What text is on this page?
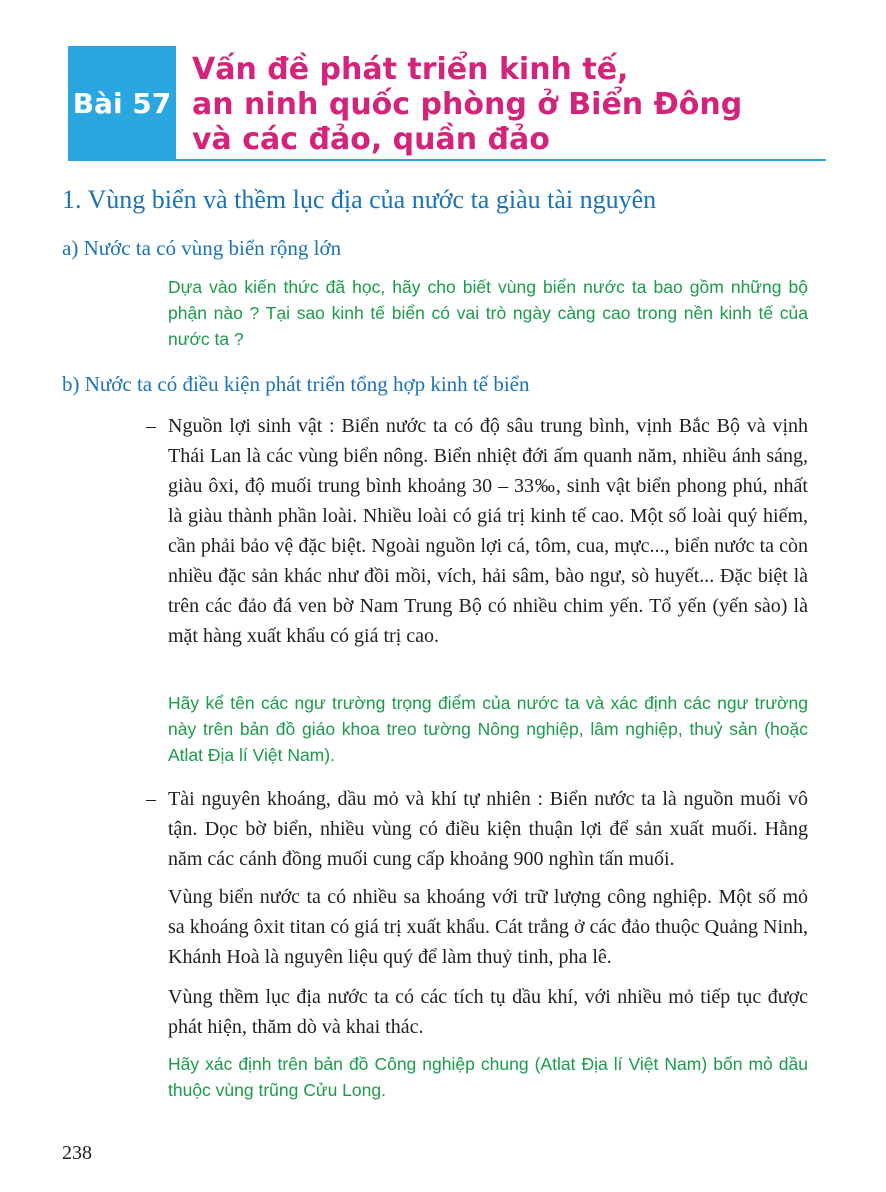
Bài 57
Vấn đề phát triển kinh tế,
an ninh quốc phòng ở Biển Đông
và các đảo, quần đảo
1. Vùng biển và thềm lục địa của nước ta giàu tài nguyên
a) Nước ta có vùng biển rộng lớn
Dựa vào kiến thức đã học, hãy cho biết vùng biển nước ta bao gồm những bộ phận nào ? Tại sao kinh tế biển có vai trò ngày càng cao trong nền kinh tế của nước ta ?
b) Nước ta có điều kiện phát triển tổng hợp kinh tế biển
– Nguồn lợi sinh vật : Biển nước ta có độ sâu trung bình, vịnh Bắc Bộ và vịnh Thái Lan là các vùng biển nông. Biển nhiệt đới ấm quanh năm, nhiều ánh sáng, giàu ôxi, độ muối trung bình khoảng 30 – 33‰, sinh vật biển phong phú, nhất là giàu thành phần loài. Nhiều loài có giá trị kinh tế cao. Một số loài quý hiếm, cần phải bảo vệ đặc biệt. Ngoài nguồn lợi cá, tôm, cua, mực..., biển nước ta còn nhiều đặc sản khác như đồi mồi, vích, hải sâm, bào ngư, sò huyết... Đặc biệt là trên các đảo đá ven bờ Nam Trung Bộ có nhiều chim yến. Tổ yến (yến sào) là mặt hàng xuất khẩu có giá trị cao.
Hãy kể tên các ngư trường trọng điểm của nước ta và xác định các ngư trường này trên bản đồ giáo khoa treo tường Nông nghiệp, lâm nghiệp, thuỷ sản (hoặc Atlat Địa lí Việt Nam).
– Tài nguyên khoáng, dầu mỏ và khí tự nhiên : Biển nước ta là nguồn muối vô tận. Dọc bờ biển, nhiều vùng có điều kiện thuận lợi để sản xuất muối. Hằng năm các cánh đồng muối cung cấp khoảng 900 nghìn tấn muối.
Vùng biển nước ta có nhiều sa khoáng với trữ lượng công nghiệp. Một số mỏ sa khoáng ôxit titan có giá trị xuất khẩu. Cát trắng ở các đảo thuộc Quảng Ninh, Khánh Hoà là nguyên liệu quý để làm thuỷ tinh, pha lê.
Vùng thềm lục địa nước ta có các tích tụ dầu khí, với nhiều mỏ tiếp tục được phát hiện, thăm dò và khai thác.
Hãy xác định trên bản đồ Công nghiệp chung (Atlat Địa lí Việt Nam) bốn mỏ dầu thuộc vùng trũng Cửu Long.
238
